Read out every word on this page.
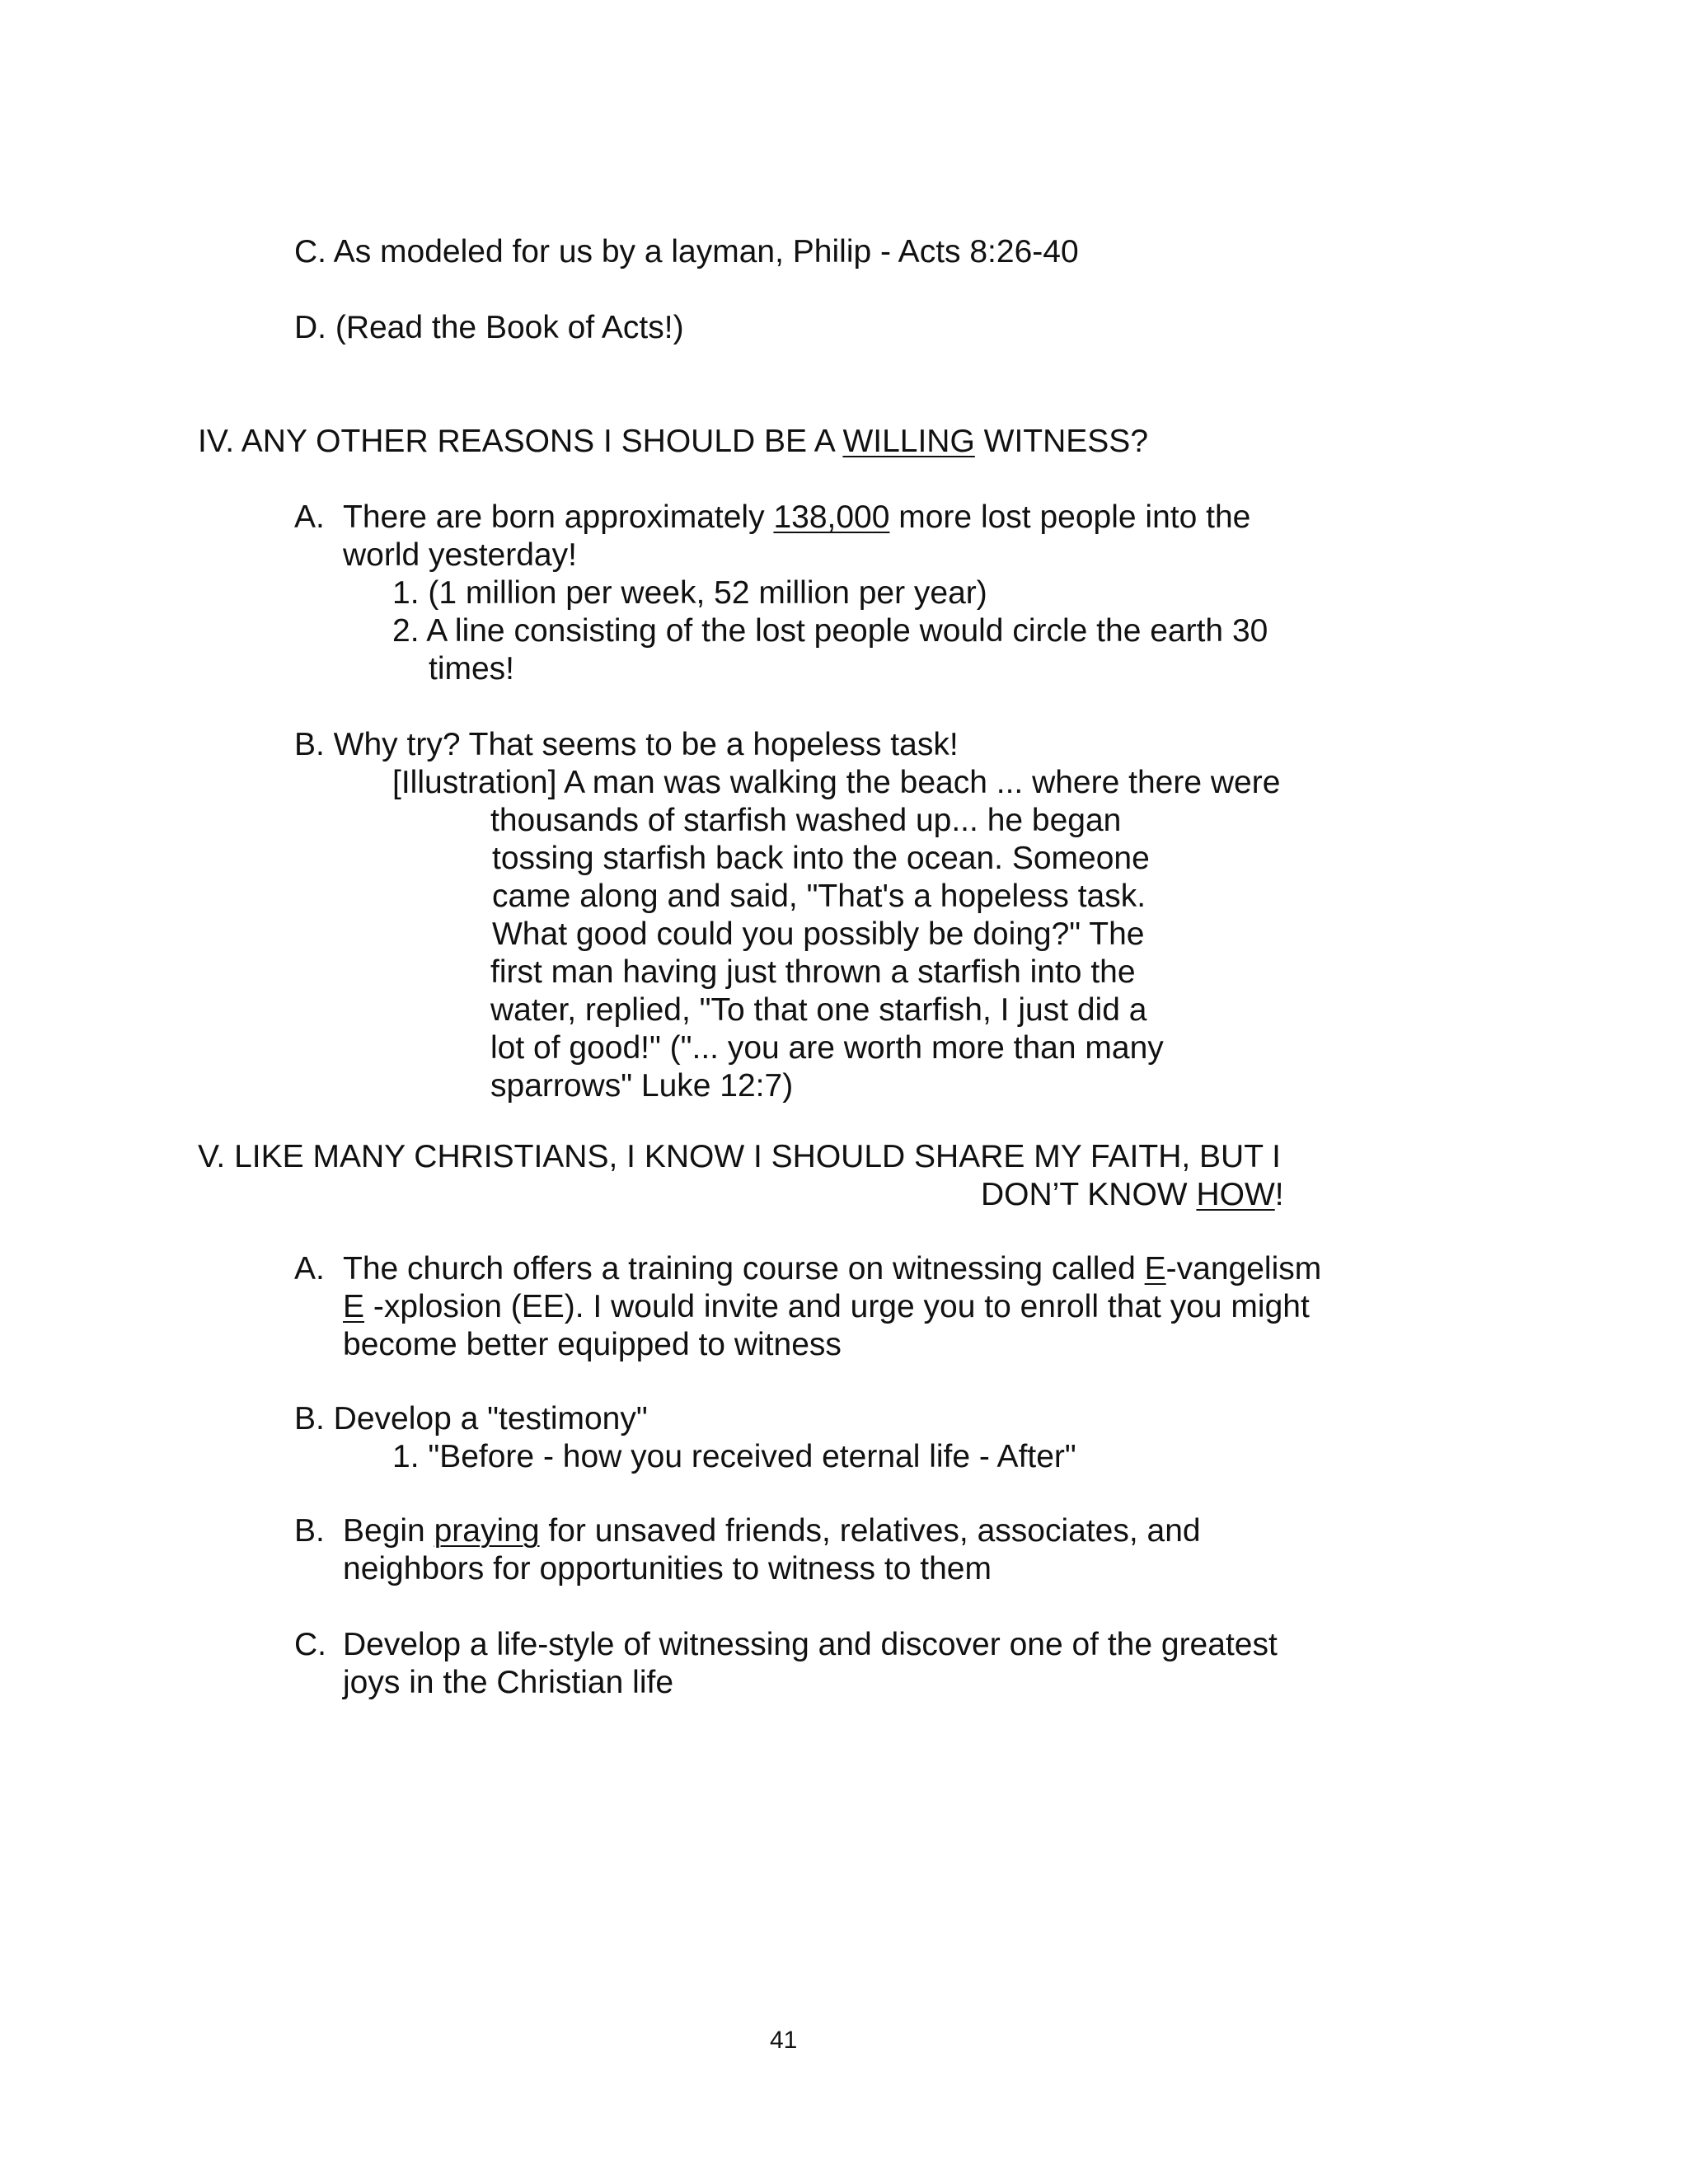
C. As modeled for us by a layman, Philip - Acts 8:26-40
D. (Read the Book of Acts!)
IV. ANY OTHER REASONS I SHOULD BE A WILLING WITNESS?
A. There are born approximately 138,000 more lost people into the
world yesterday!
1. (1 million per week, 52 million per year)
2. A line consisting of the lost people would circle the earth 30
times!
B. Why try? That seems to be a hopeless task!
[Illustration] A man was walking the beach ... where there were
thousands of starfish washed up... he began
tossing starfish back into the ocean. Someone
came along and said, "That's a hopeless task.
What good could you possibly be doing?" The
first man having just thrown a starfish into the
water, replied, "To that one starfish, I just did a
lot of good!" ("... you are worth more than many
sparrows" Luke 12:7)
V. LIKE MANY CHRISTIANS, I KNOW I SHOULD SHARE MY FAITH, BUT I
DON’T KNOW HOW!
A. The church offers a training course on witnessing called E-vangelism
E -xplosion (EE). I would invite and urge you to enroll that you might
become better equipped to witness
B. Develop a "testimony"
1. "Before - how you received eternal life - After"
B. Begin praying for unsaved friends, relatives, associates, and
neighbors for opportunities to witness to them
C. Develop a life-style of witnessing and discover one of the greatest
joys in the Christian life
41
